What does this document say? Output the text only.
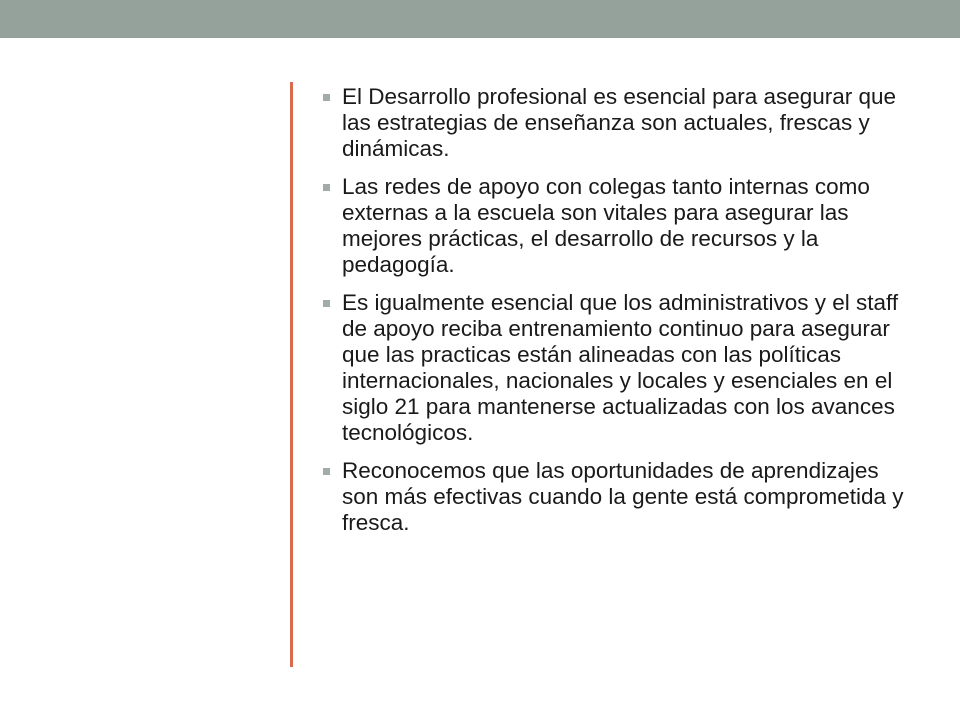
El Desarrollo profesional es esencial para asegurar que las estrategias de enseñanza son actuales, frescas y dinámicas.
Las redes de apoyo con colegas tanto internas como externas a la escuela son vitales para asegurar las mejores prácticas, el desarrollo de recursos y la pedagogía.
Es igualmente esencial que los administrativos y el staff de apoyo reciba entrenamiento continuo para asegurar que las practicas están alineadas con las políticas internacionales, nacionales y locales y esenciales en el siglo 21 para mantenerse actualizadas con los avances tecnológicos.
Reconocemos que las oportunidades de aprendizajes son más efectivas cuando la gente está comprometida y fresca.
